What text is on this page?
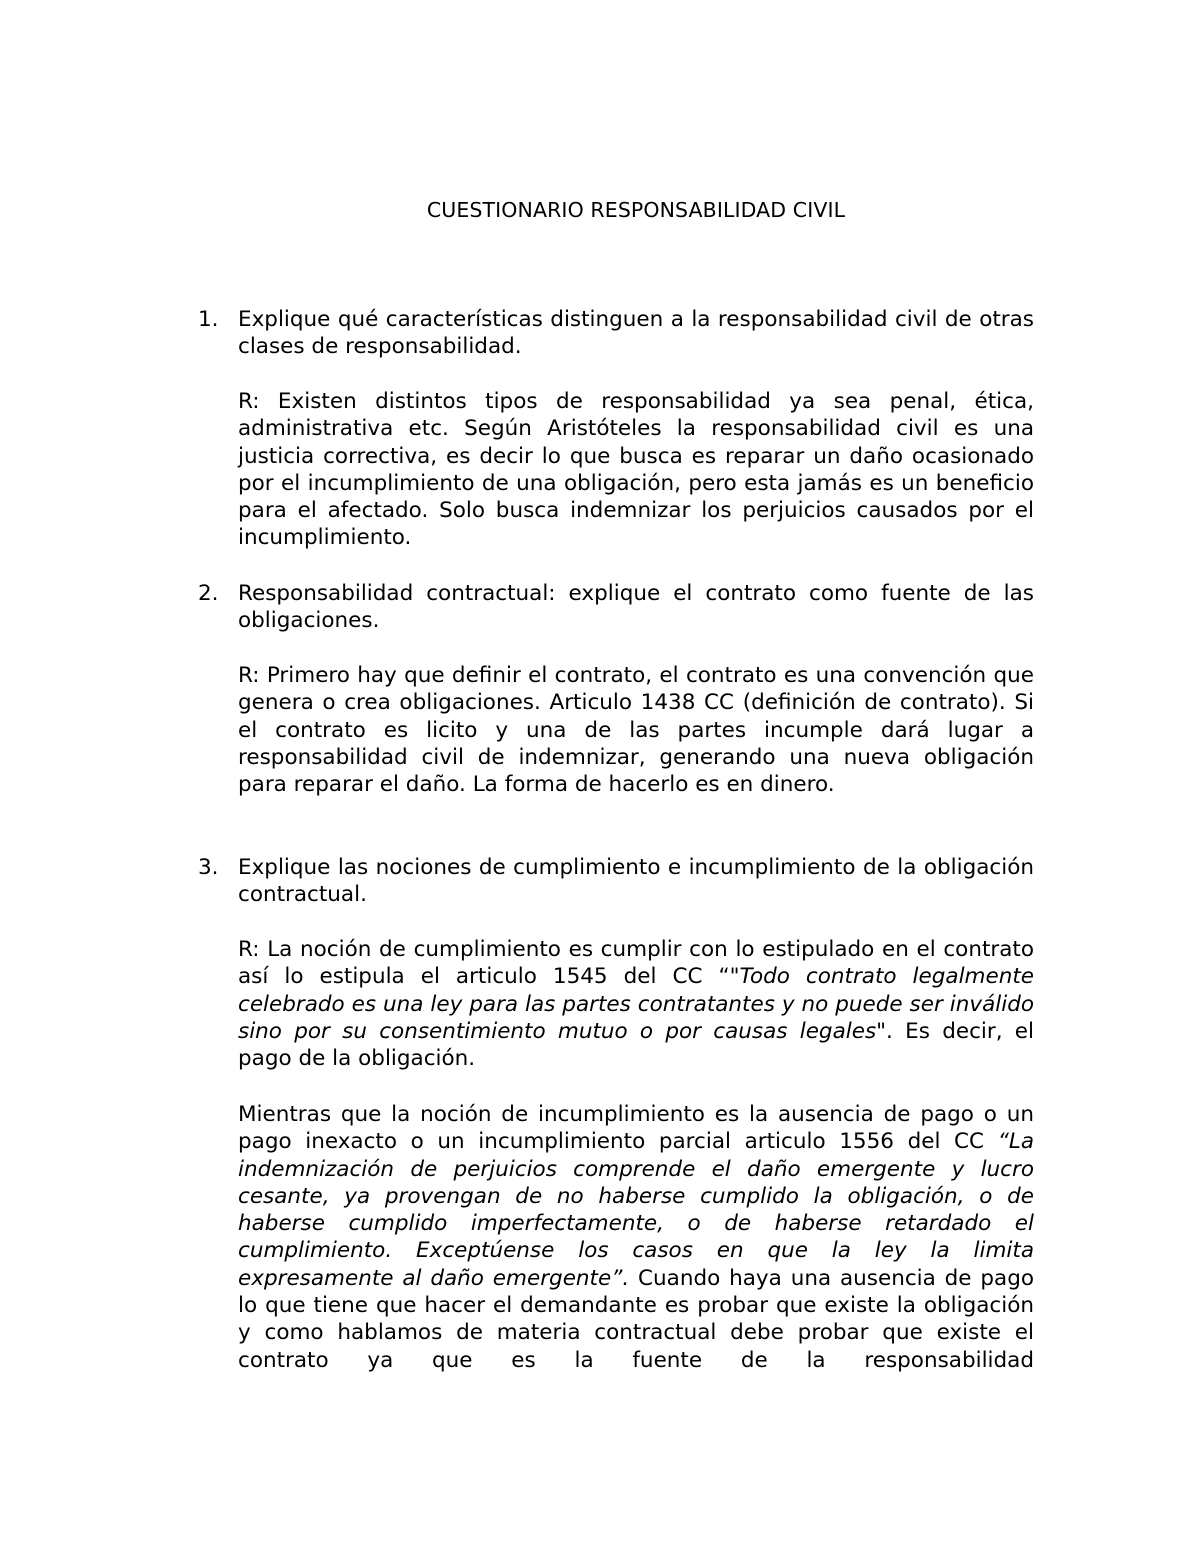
CUESTIONARIO RESPONSABILIDAD CIVIL
1. Explique qué características distinguen a la responsabilidad civil de otras clases de responsabilidad.

R: Existen distintos tipos de responsabilidad ya sea penal, ética, administrativa etc. Según Aristóteles la responsabilidad civil es una justicia correctiva, es decir lo que busca es reparar un daño ocasionado por el incumplimiento de una obligación, pero esta jamás es un beneficio para el afectado. Solo busca indemnizar los perjuicios causados por el incumplimiento.

2. Responsabilidad contractual: explique el contrato como fuente de las obligaciones.

R: Primero hay que definir el contrato, el contrato es una convención que genera o crea obligaciones. Articulo 1438 CC (definición de contrato). Si el contrato es licito y una de las partes incumple dará lugar a responsabilidad civil de indemnizar, generando una nueva obligación para reparar el daño. La forma de hacerlo es en dinero.

3. Explique las nociones de cumplimiento e incumplimiento de la obligación contractual.

R: La noción de cumplimiento es cumplir con lo estipulado en el contrato así lo estipula el articulo 1545 del CC “"Todo contrato legalmente celebrado es una ley para las partes contratantes y no puede ser inválido sino por su consentimiento mutuo o por causas legales". Es decir, el pago de la obligación.

Mientras que la noción de incumplimiento es la ausencia de pago o un pago inexacto o un incumplimiento parcial articulo 1556 del CC “La indemnización de perjuicios comprende el daño emergente y lucro cesante, ya provengan de no haberse cumplido la obligación, o de haberse cumplido imperfectamente, o de haberse retardado el cumplimiento. Exceptúense los casos en que la ley la limita expresamente al daño emergente”. Cuando haya una ausencia de pago lo que tiene que hacer el demandante es probar que existe la obligación y como hablamos de materia contractual debe probar que existe el contrato ya que es la fuente de la responsabilidad
